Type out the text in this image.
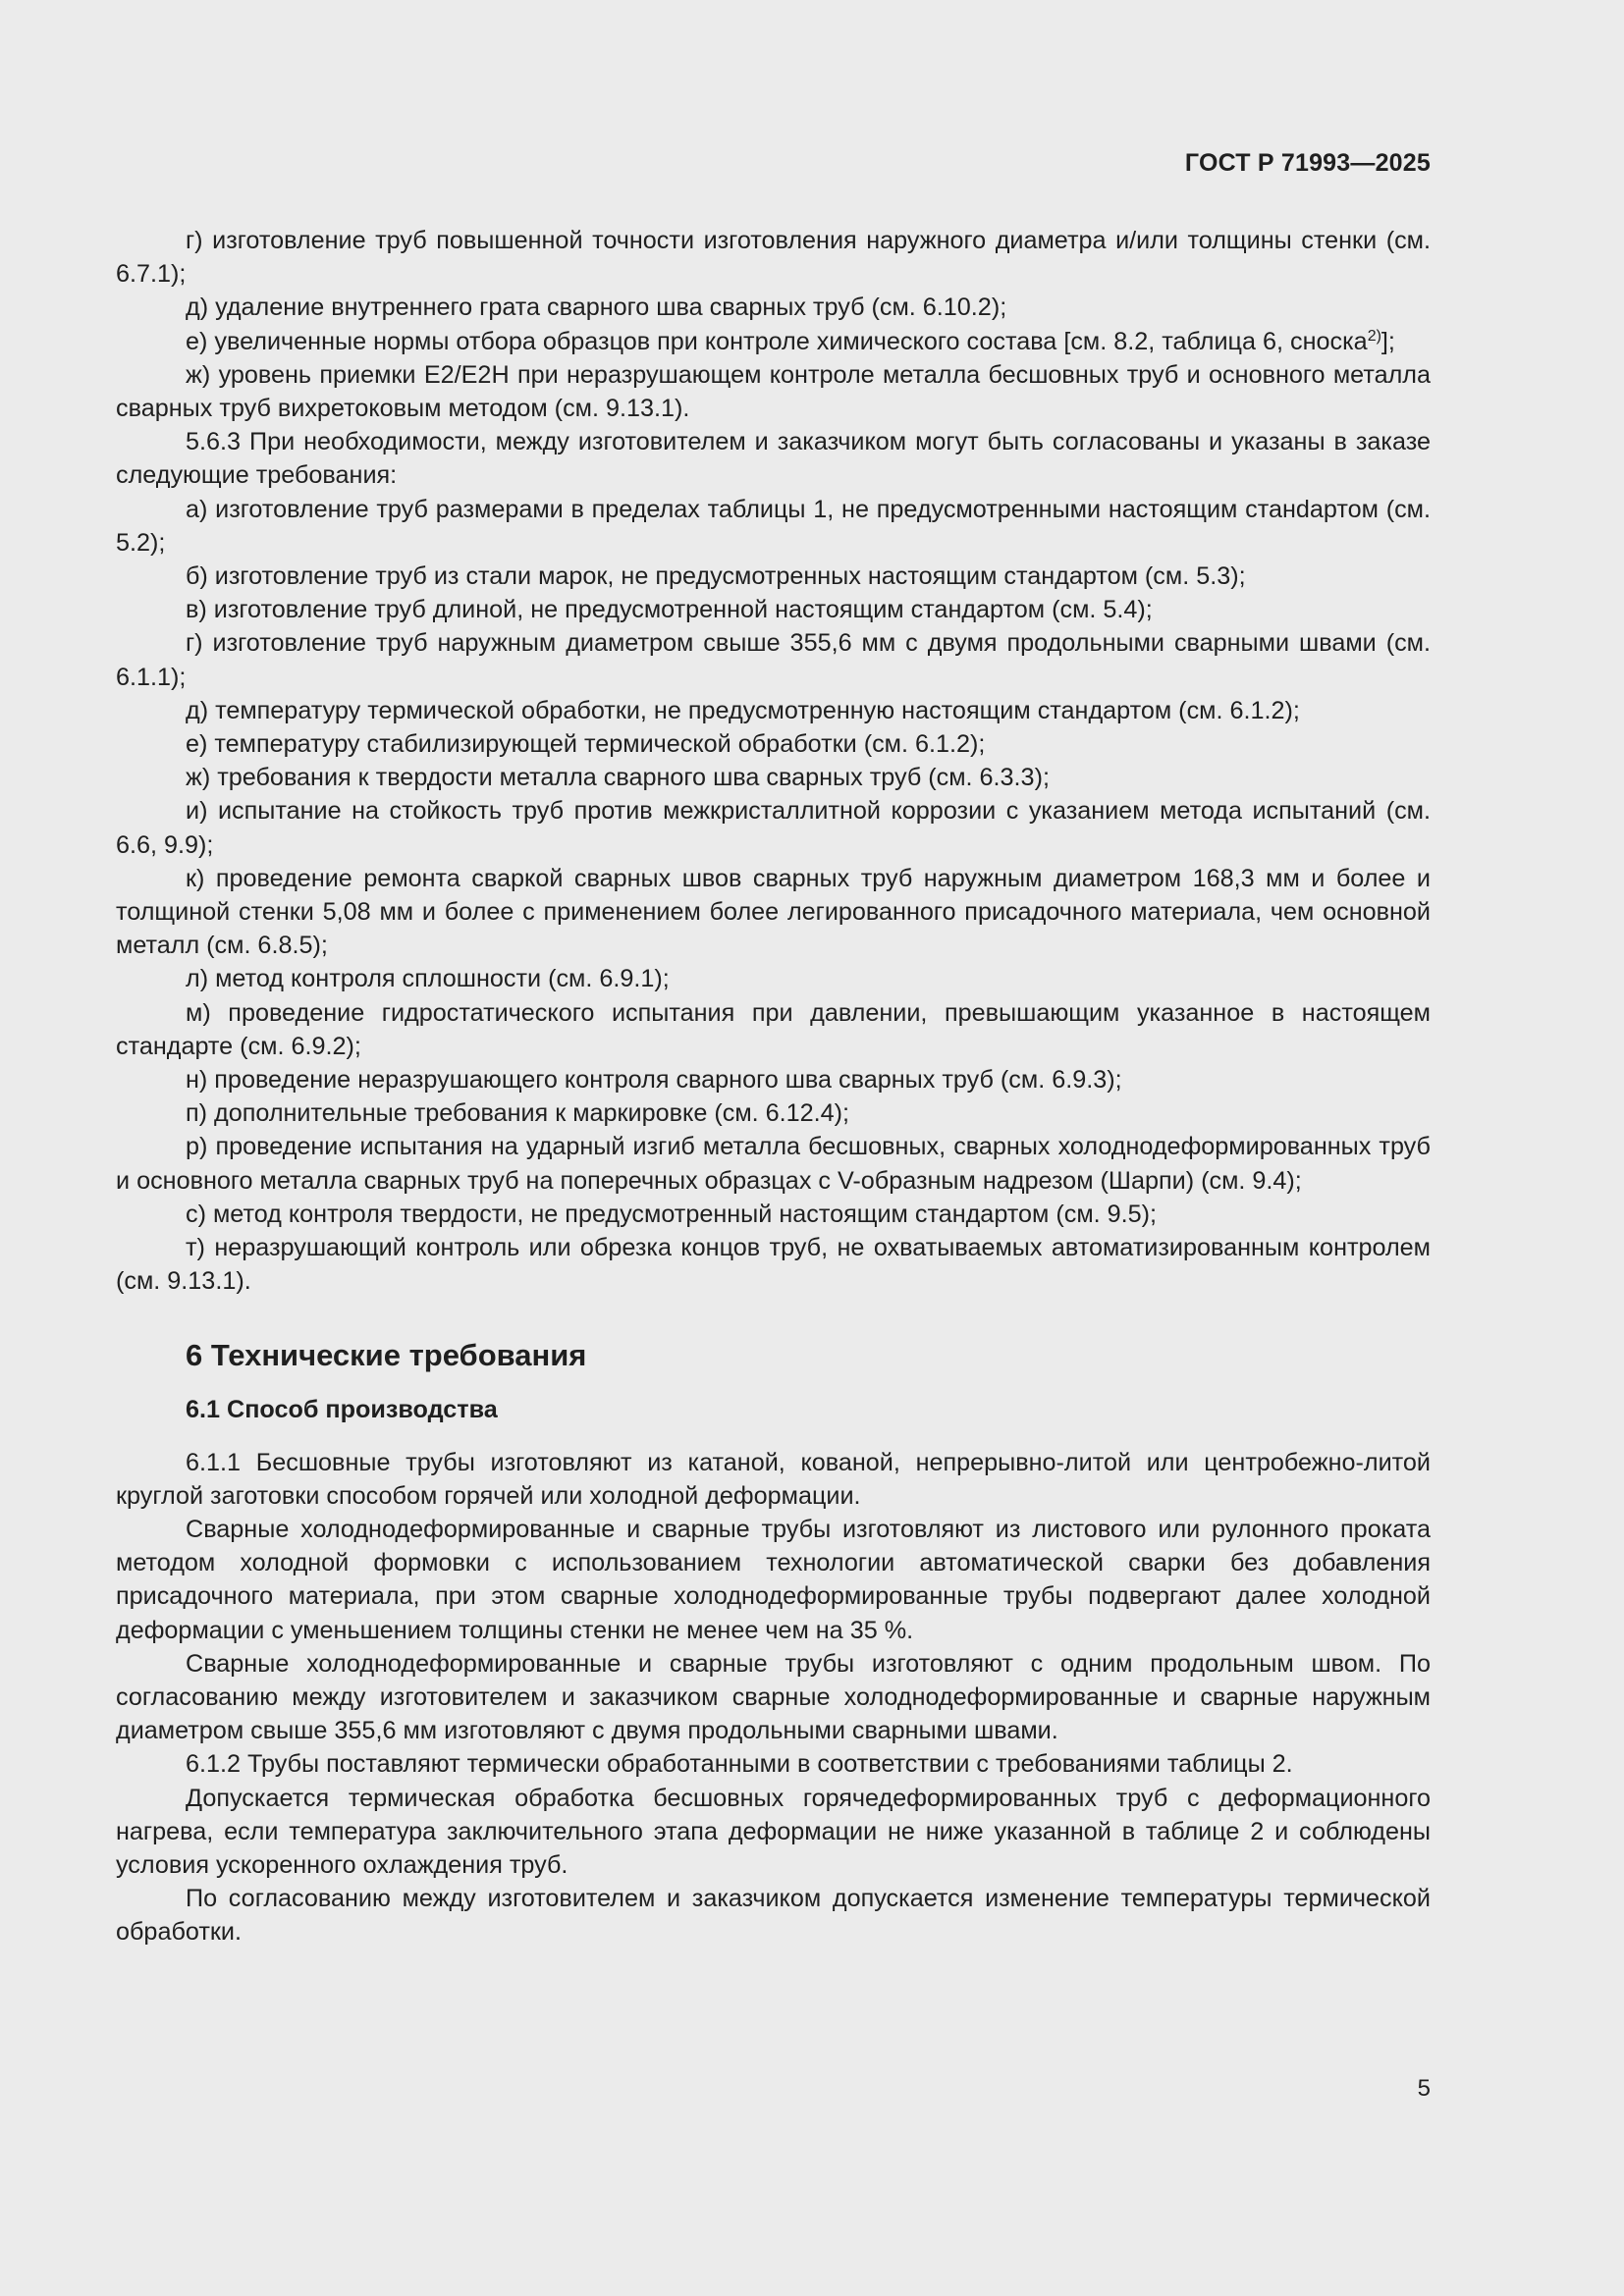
ГОСТ Р 71993—2025

г) изготовление труб повышенной точности изготовления наружного диаметра и/или толщины стенки (см. 6.7.1);

д) удаление внутреннего грата сварного шва сварных труб (см. 6.10.2);

е) увеличенные нормы отбора образцов при контроле химического состава [см. 8.2, таблица 6, сноска$^{2)}$];

ж) уровень приемки Е2/Е2Н при неразрушающем контроле металла бесшовных труб и основного металла сварных труб вихретоковым методом (см. 9.13.1).

5.6.3 При необходимости, между изготовителем и заказчиком могут быть согласованы и указаны в заказе следующие требования:

а) изготовление труб размерами в пределах таблицы 1, не предусмотренными настоящим станdартом (см. 5.2);

б) изготовление труб из стали марок, не предусмотренных настоящим стандартом (см. 5.3);

в) изготовление труб длиной, не предусмотренной настоящим стандартом (см. 5.4);

г) изготовление труб наружным диаметром свыше 355,6 мм с двумя продольными сварными швами (см. 6.1.1);

д) температуру термической обработки, не предусмотренную настоящим стандартом (см. 6.1.2);

е) температуру стабилизирующей термической обработки (см. 6.1.2);

ж) требования к твердости металла сварного шва сварных труб (см. 6.3.3);

и) испытание на стойкость труб против межкристаллитной коррозии с указанием метода испытаний (см. 6.6, 9.9);

к) проведение ремонта сваркой сварных швов сварных труб наружным диаметром 168,3 мм и более и толщиной стенки 5,08 мм и более с применением более легированного присадочного материала, чем основной металл (см. 6.8.5);

л) метод контроля сплошности (см. 6.9.1);

м) проведение гидростатического испытания при давлении, превышающим указанное в настоящем стандарте (см. 6.9.2);

н) проведение неразрушающего контроля сварного шва сварных труб (см. 6.9.3);

п) дополнительные требования к маркировке (см. 6.12.4);

р) проведение испытания на ударный изгиб металла бесшовных, сварных холоднодеформированных труб и основного металла сварных труб на поперечных образцах с V-образным надрезом (Шарпи) (см. 9.4);

с) метод контроля твердости, не предусмотренный настоящим стандартом (см. 9.5);

т) неразрушающий контроль или обрезка концов труб, не охватываемых автоматизированным контролем (см. 9.13.1).

6 Технические требования
6.1 Способ производства

6.1.1 Бесшовные трубы изготовляют из катаной, кованой, непрерывно-литой или центробежно-литой круглой заготовки способом горячей или холодной деформации.

Сварные холоднодеформированные и сварные трубы изготовляют из листового или рулонного проката методом холодной формовки с использованием технологии автоматической сварки без добавления присадочного материала, при этом сварные холоднодеформированные трубы подвергают далее холодной деформации с уменьшением толщины стенки не менее чем на 35 %.

Сварные холоднодеформированные и сварные трубы изготовляют с одним продольным швом. По согласованию между изготовителем и заказчиком сварные холоднодеформированные и сварные наружным диаметром свыше 355,6 мм изготовляют с двумя продольными сварными швами.

6.1.2 Трубы поставляют термически обработанными в соответствии с требованиями таблицы 2.

Допускается термическая обработка бесшовных горячедеформированных труб с деформационного нагрева, если температура заключительного этапа деформации не ниже указанной в таблице 2 и соблюдены условия ускоренного охлаждения труб.

По согласованию между изготовителем и заказчиком допускается изменение температуры термической обработки.

5
